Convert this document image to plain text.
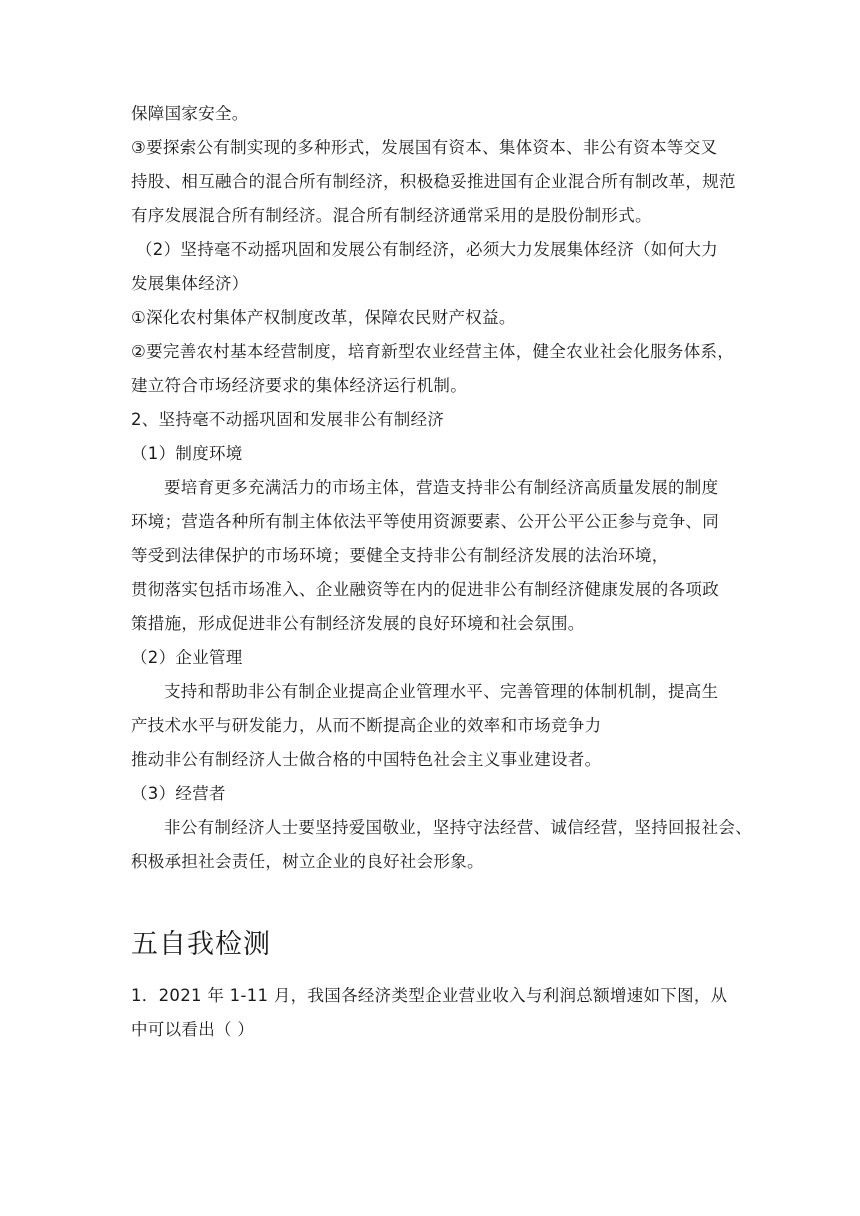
保障国家安全。
③要探索公有制实现的多种形式，发展国有资本、集体资本、非公有资本等交叉
持股、相互融合的混合所有制经济，积极稳妥推进国有企业混合所有制改革，规范
有序发展混合所有制经济。混合所有制经济通常采用的是股份制形式。
（2）坚持毫不动摇巩固和发展公有制经济，必须大力发展集体经济（如何大力
发展集体经济）
①深化农村集体产权制度改革，保障农民财产权益。
②要完善农村基本经营制度，培育新型农业经营主体，健全农业社会化服务体系，
建立符合市场经济要求的集体经济运行机制。
2、坚持毫不动摇巩固和发展非公有制经济
（1）制度环境
要培育更多充满活力的市场主体，营造支持非公有制经济高质量发展的制度
环境；营造各种所有制主体依法平等使用资源要素、公开公平公正参与竞争、同
等受到法律保护的市场环境；要健全支持非公有制经济发展的法治环境，
贯彻落实包括市场准入、企业融资等在内的促进非公有制经济健康发展的各项政
策措施，形成促进非公有制经济发展的良好环境和社会氛围。
（2）企业管理
支持和帮助非公有制企业提高企业管理水平、完善管理的体制机制，提高生
产技术水平与研发能力，从而不断提高企业的效率和市场竞争力
推动非公有制经济人士做合格的中国特色社会主义事业建设者。
（3）经营者
非公有制经济人士要坚持爱国敬业，坚持守法经营、诚信经营，坚持回报社会、
积极承担社会责任，树立企业的良好社会形象。
五自我检测
1．2021 年 1-11 月，我国各经济类型企业营业收入与利润总额增速如下图，从
中可以看出（ ）
